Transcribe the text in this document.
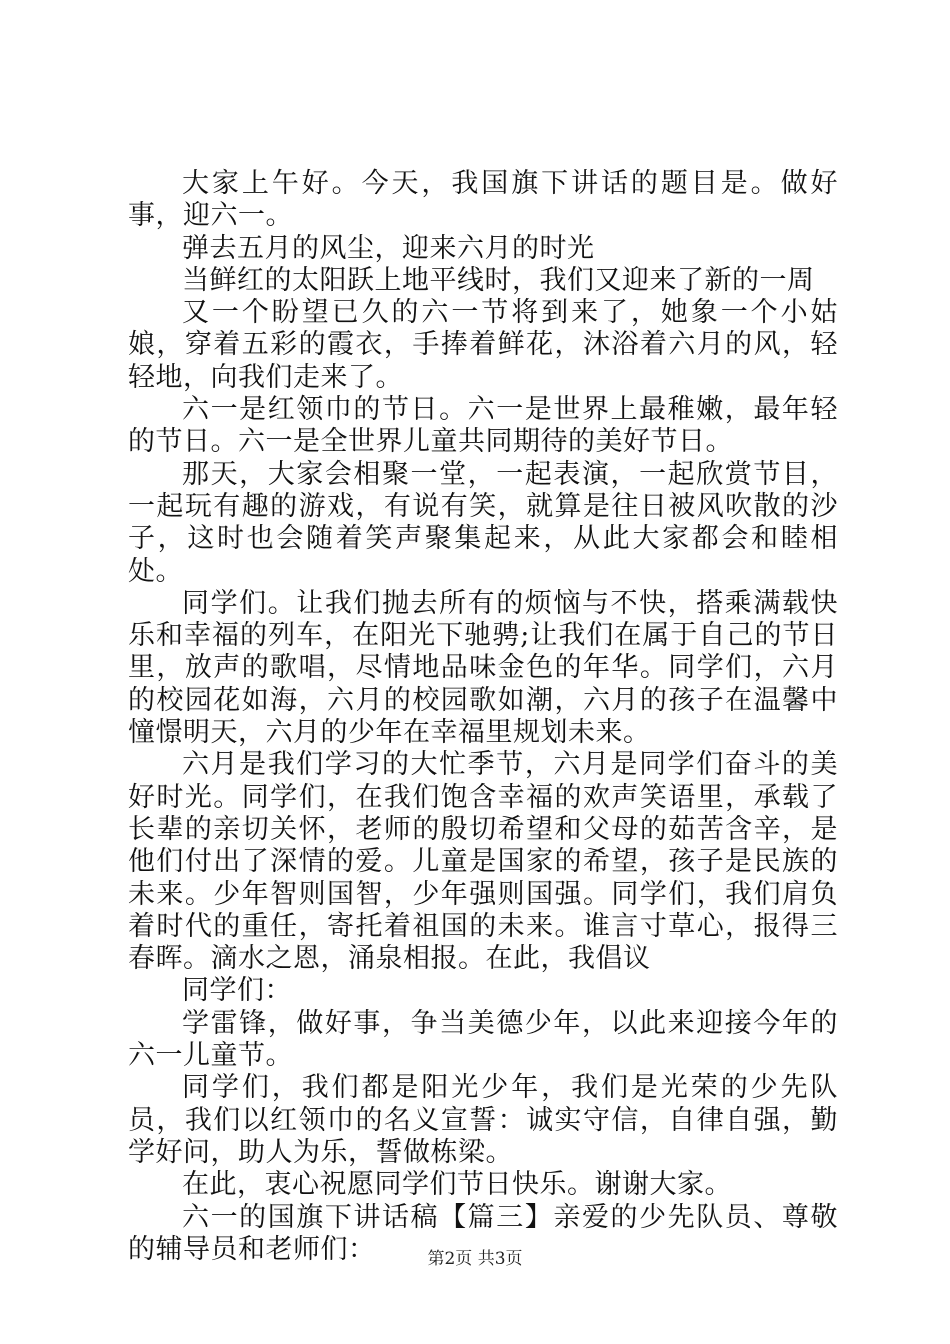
大家上午好。今天，我国旗下讲话的题目是。做好事，迎六一。

弹去五月的风尘，迎来六月的时光

当鲜红的太阳跃上地平线时，我们又迎来了新的一周

又一个盼望已久的六一节将到来了，她象一个小姑娘，穿着五彩的霞衣，手捧着鲜花，沐浴着六月的风，轻轻地，向我们走来了。

六一是红领巾的节日。六一是世界上最稚嫩，最年轻的节日。六一是全世界儿童共同期待的美好节日。

那天，大家会相聚一堂，一起表演，一起欣赏节目，一起玩有趣的游戏，有说有笑，就算是往日被风吹散的沙子，这时也会随着笑声聚集起来，从此大家都会和睦相处。

同学们。让我们抛去所有的烦恼与不快，搭乘满载快乐和幸福的列车，在阳光下驰骋;让我们在属于自己的节日里，放声的歌唱，尽情地品味金色的年华。同学们，六月的校园花如海，六月的校园歌如潮，六月的孩子在温馨中憧憬明天，六月的少年在幸福里规划未来。

六月是我们学习的大忙季节，六月是同学们奋斗的美好时光。同学们，在我们饱含幸福的欢声笑语里，承载了长辈的亲切关怀，老师的殷切希望和父母的茹苦含辛，是他们付出了深情的爱。儿童是国家的希望，孩子是民族的未来。少年智则国智，少年强则国强。同学们，我们肩负着时代的重任，寄托着祖国的未来。谁言寸草心，报得三春晖。滴水之恩，涌泉相报。在此，我倡议

同学们：

学雷锋，做好事，争当美德少年，以此来迎接今年的六一儿童节。

同学们，我们都是阳光少年，我们是光荣的少先队员，我们以红领巾的名义宣誓：诚实守信，自律自强，勤学好问，助人为乐，誓做栋梁。

在此，衷心祝愿同学们节日快乐。谢谢大家。

六一的国旗下讲话稿【篇三】亲爱的少先队员、尊敬的辅导员和老师们：	第2页 共3页
